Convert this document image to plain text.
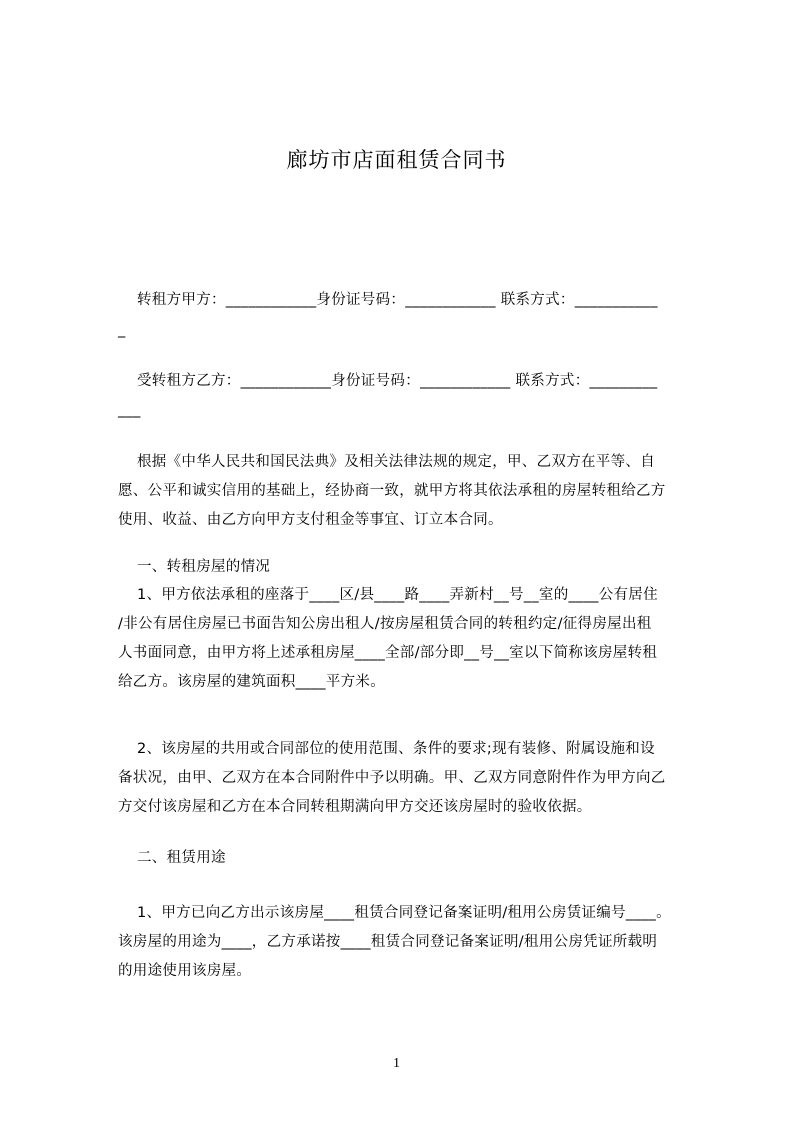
廊坊市店面租赁合同书
转租方甲方：____________身份证号码：____________ 联系方式：___________
_
受转租方乙方：____________身份证号码：____________ 联系方式：_________
___
根据《中华人民共和国民法典》及相关法律法规的规定，甲、乙双方在平等、自
愿、公平和诚实信用的基础上，经协商一致，就甲方将其依法承租的房屋转租给乙方
使用、收益、由乙方向甲方支付租金等事宜、订立本合同。
一、转租房屋的情况
1、甲方依法承租的座落于____区/县____路____弄新村__号__室的____公有居住
/非公有居住房屋已书面告知公房出租人/按房屋租赁合同的转租约定/征得房屋出租
人书面同意，由甲方将上述承租房屋____全部/部分即__号__室以下简称该房屋转租
给乙方。该房屋的建筑面积____平方米。
2、该房屋的共用或合同部位的使用范围、条件的要求;现有装修、附属设施和设
备状况，由甲、乙双方在本合同附件中予以明确。甲、乙双方同意附件作为甲方向乙
方交付该房屋和乙方在本合同转租期满向甲方交还该房屋时的验收依据。
二、租赁用途
1、甲方已向乙方出示该房屋____租赁合同登记备案证明/租用公房赁证编号____。
该房屋的用途为____，乙方承诺按____租赁合同登记备案证明/租用公房凭证所载明
的用途使用该房屋。
1
